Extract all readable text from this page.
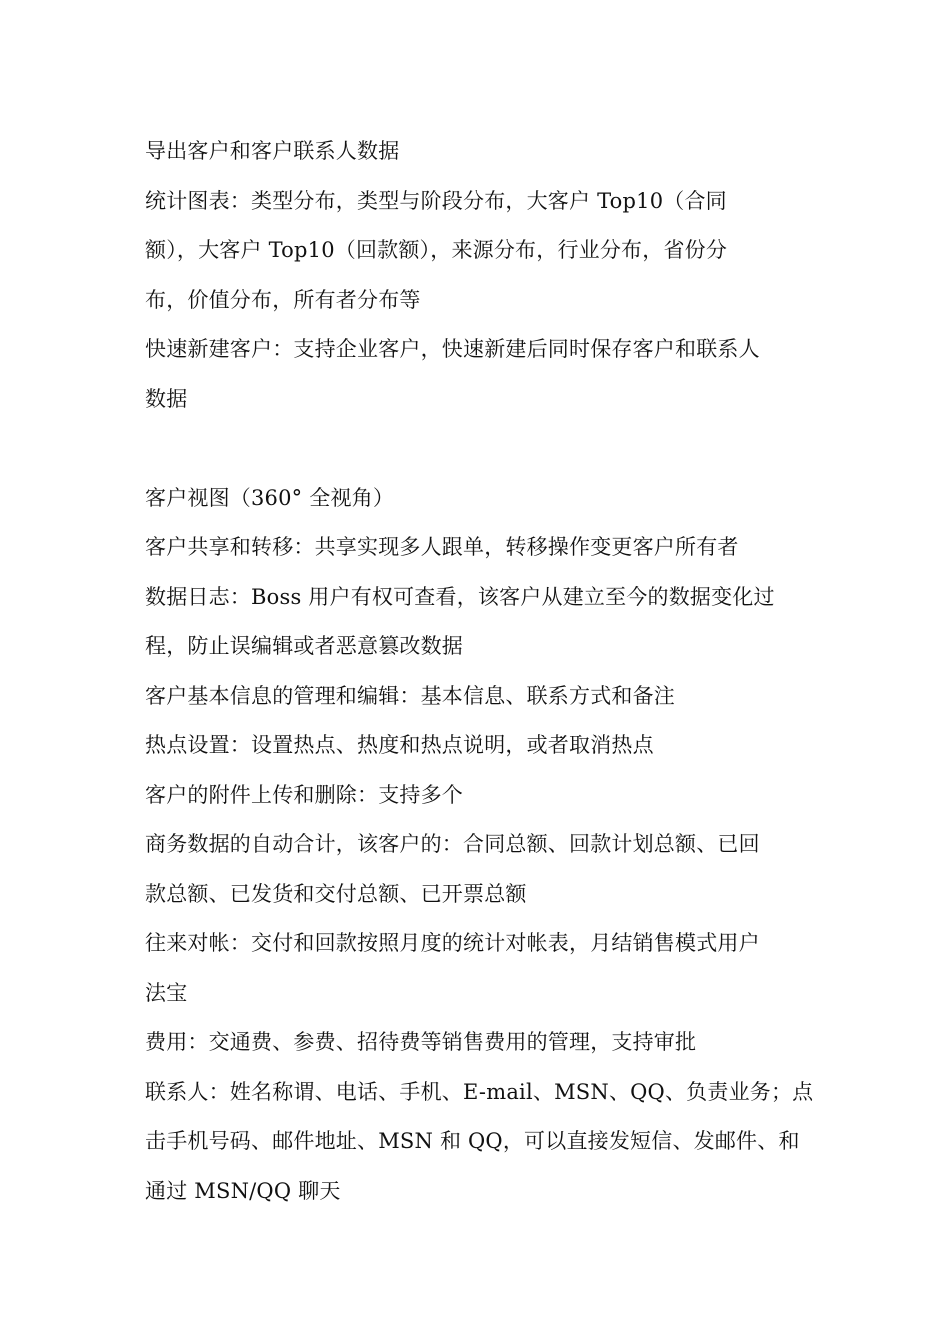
导出客户和客户联系人数据
统计图表：类型分布，类型与阶段分布，大客户 Top10（合同
额），大客户 Top10（回款额），来源分布，行业分布，省份分
布，价值分布，所有者分布等
快速新建客户：支持企业客户，快速新建后同时保存客户和联系人
数据
客户视图（360° 全视角）
客户共享和转移：共享实现多人跟单，转移操作变更客户所有者
数据日志：Boss 用户有权可查看，该客户从建立至今的数据变化过
程，防止误编辑或者恶意篡改数据
客户基本信息的管理和编辑：基本信息、联系方式和备注
热点设置：设置热点、热度和热点说明，或者取消热点
客户的附件上传和删除：支持多个
商务数据的自动合计，该客户的：合同总额、回款计划总额、已回
款总额、已发货和交付总额、已开票总额
往来对帐：交付和回款按照月度的统计对帐表，月结销售模式用户
法宝
费用：交通费、参费、招待费等销售费用的管理，支持审批
联系人：姓名称谓、电话、手机、E-mail、MSN、QQ、负责业务；点
击手机号码、邮件地址、MSN 和 QQ，可以直接发短信、发邮件、和
通过 MSN/QQ 聊天
